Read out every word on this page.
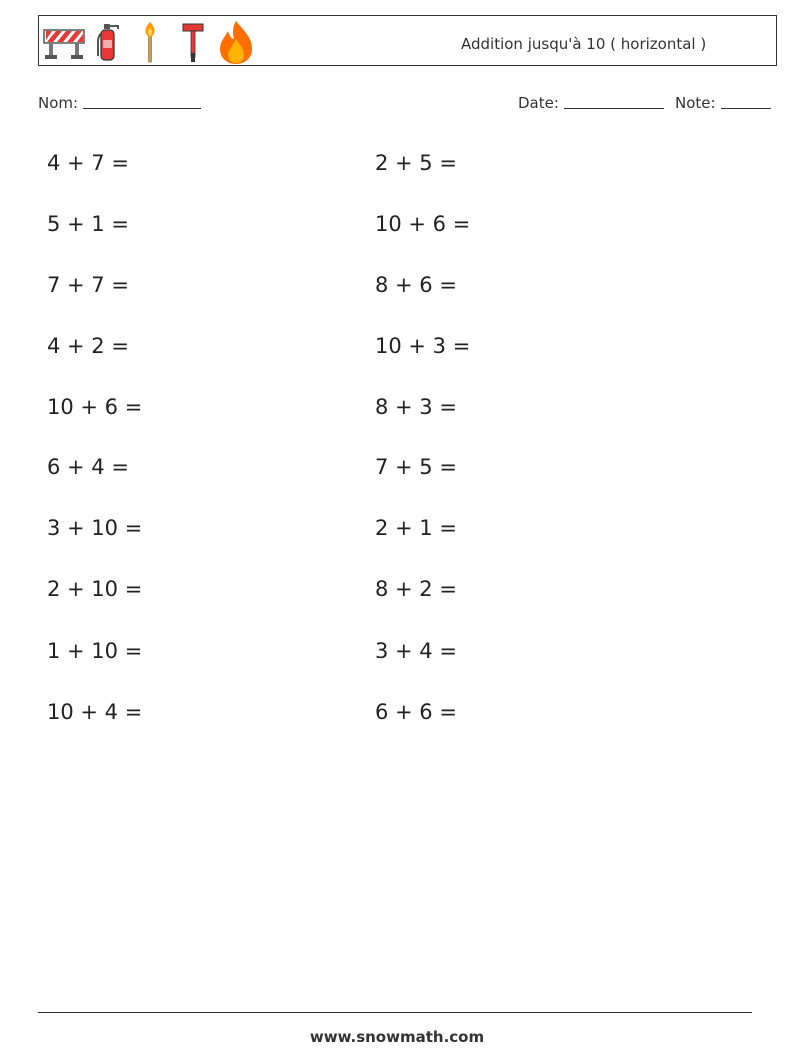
Addition jusqu'à 10 ( horizontal )
Nom:	Date:	Note:
4 + 7 =
5 + 1 =
7 + 7 =
4 + 2 =
10 + 6 =
6 + 4 =
3 + 10 =
2 + 10 =
1 + 10 =
10 + 4 =
2 + 5 =
10 + 6 =
8 + 6 =
10 + 3 =
8 + 3 =
7 + 5 =
2 + 1 =
8 + 2 =
3 + 4 =
6 + 6 =
www.snowmath.com
